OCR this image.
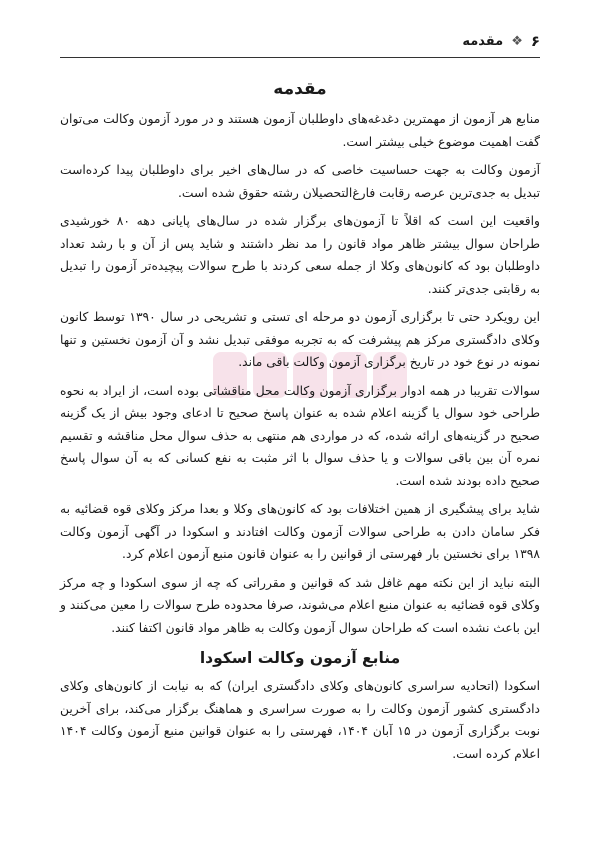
۶
❖
مقدمه
مقدمه

منابع هر آزمون از مهمترین دغدغه‌های داوطلبان آزمون هستند و در مورد آزمون وکالت می‌توان گفت اهمیت موضوع خیلی بیشتر است.

آزمون وکالت به جهت حساسیت خاصی که در سال‌های اخیر برای داوطلبان پیدا کرده‌است تبدیل به جدی‌ترین عرصه رقابت فارغ‌التحصیلان رشته حقوق شده است.

واقعیت این است که اقلاً تا آزمون‌های برگزار شده در سال‌های پایانی دهه ۸۰ خورشیدی طراحان سوال بیشتر ظاهر مواد قانون را مد نظر داشتند و شاید پس از آن و با رشد تعداد داوطلبان بود که کانون‌های وکلا از جمله سعی کردند با طرح سوالات پیچیده‌تر آزمون را تبدیل به رقابتی جدی‌تر کنند.

این رویکرد حتی تا برگزاری آزمون دو مرحله ای تستی و تشریحی در سال ۱۳۹۰ توسط کانون وکلای دادگستری مرکز هم پیشرفت که به تجربه موفقی تبدیل نشد و آن آزمون نخستین و تنها نمونه در نوع خود در تاریخ برگزاری آزمون وکالت باقی ماند.

سوالات تقریبا در همه ادوار برگزاری آزمون وکالت محل مناقشاتی بوده است، از ایراد به نحوه طراحی خود سوال یا گزینه اعلام شده به عنوان پاسخ صحیح تا ادعای وجود بیش از یک گزینه صحیح در گزینه‌های ارائه شده، که در مواردی هم منتهی به حذف سوال محل مناقشه و تقسیم نمره آن بین باقی سوالات و یا حذف سوال با اثر مثبت به نفع کسانی که به آن سوال پاسخ صحیح داده بودند شده است.

شاید برای پیشگیری از همین اختلافات بود که کانون‌های وکلا و بعدا مرکز وکلای قوه قضائیه به فکر سامان دادن به طراحی سوالات آزمون وکالت افتادند و اسکودا در آگهی آزمون وکالت ۱۳۹۸ برای نخستین بار فهرستی از قوانین را به عنوان قانون منبع آزمون اعلام کرد.

البته نباید از این نکته مهم غافل شد که قوانین و مقرراتی که چه از سوی اسکودا و چه مرکز وکلای قوه قضائیه به عنوان منبع اعلام می‌شوند، صرفا محدوده طرح سوالات را معین می‌کنند و این باعث نشده است که طراحان سوال آزمون وکالت به ظاهر مواد قانون اکتفا کنند.

منابع آزمون وکالت اسکودا

اسکودا (اتحادیه سراسری کانون‌های وکلای دادگستری ایران) که به نیابت از کانون‌های وکلای دادگستری کشور آزمون وکالت را به صورت سراسری و هماهنگ برگزار می‌کند، برای آخرین نوبت برگزاری آزمون در ۱۵ آبان ۱۴۰۴، فهرستی را به عنوان قوانین منبع آزمون وکالت ۱۴۰۴ اعلام کرده است.
